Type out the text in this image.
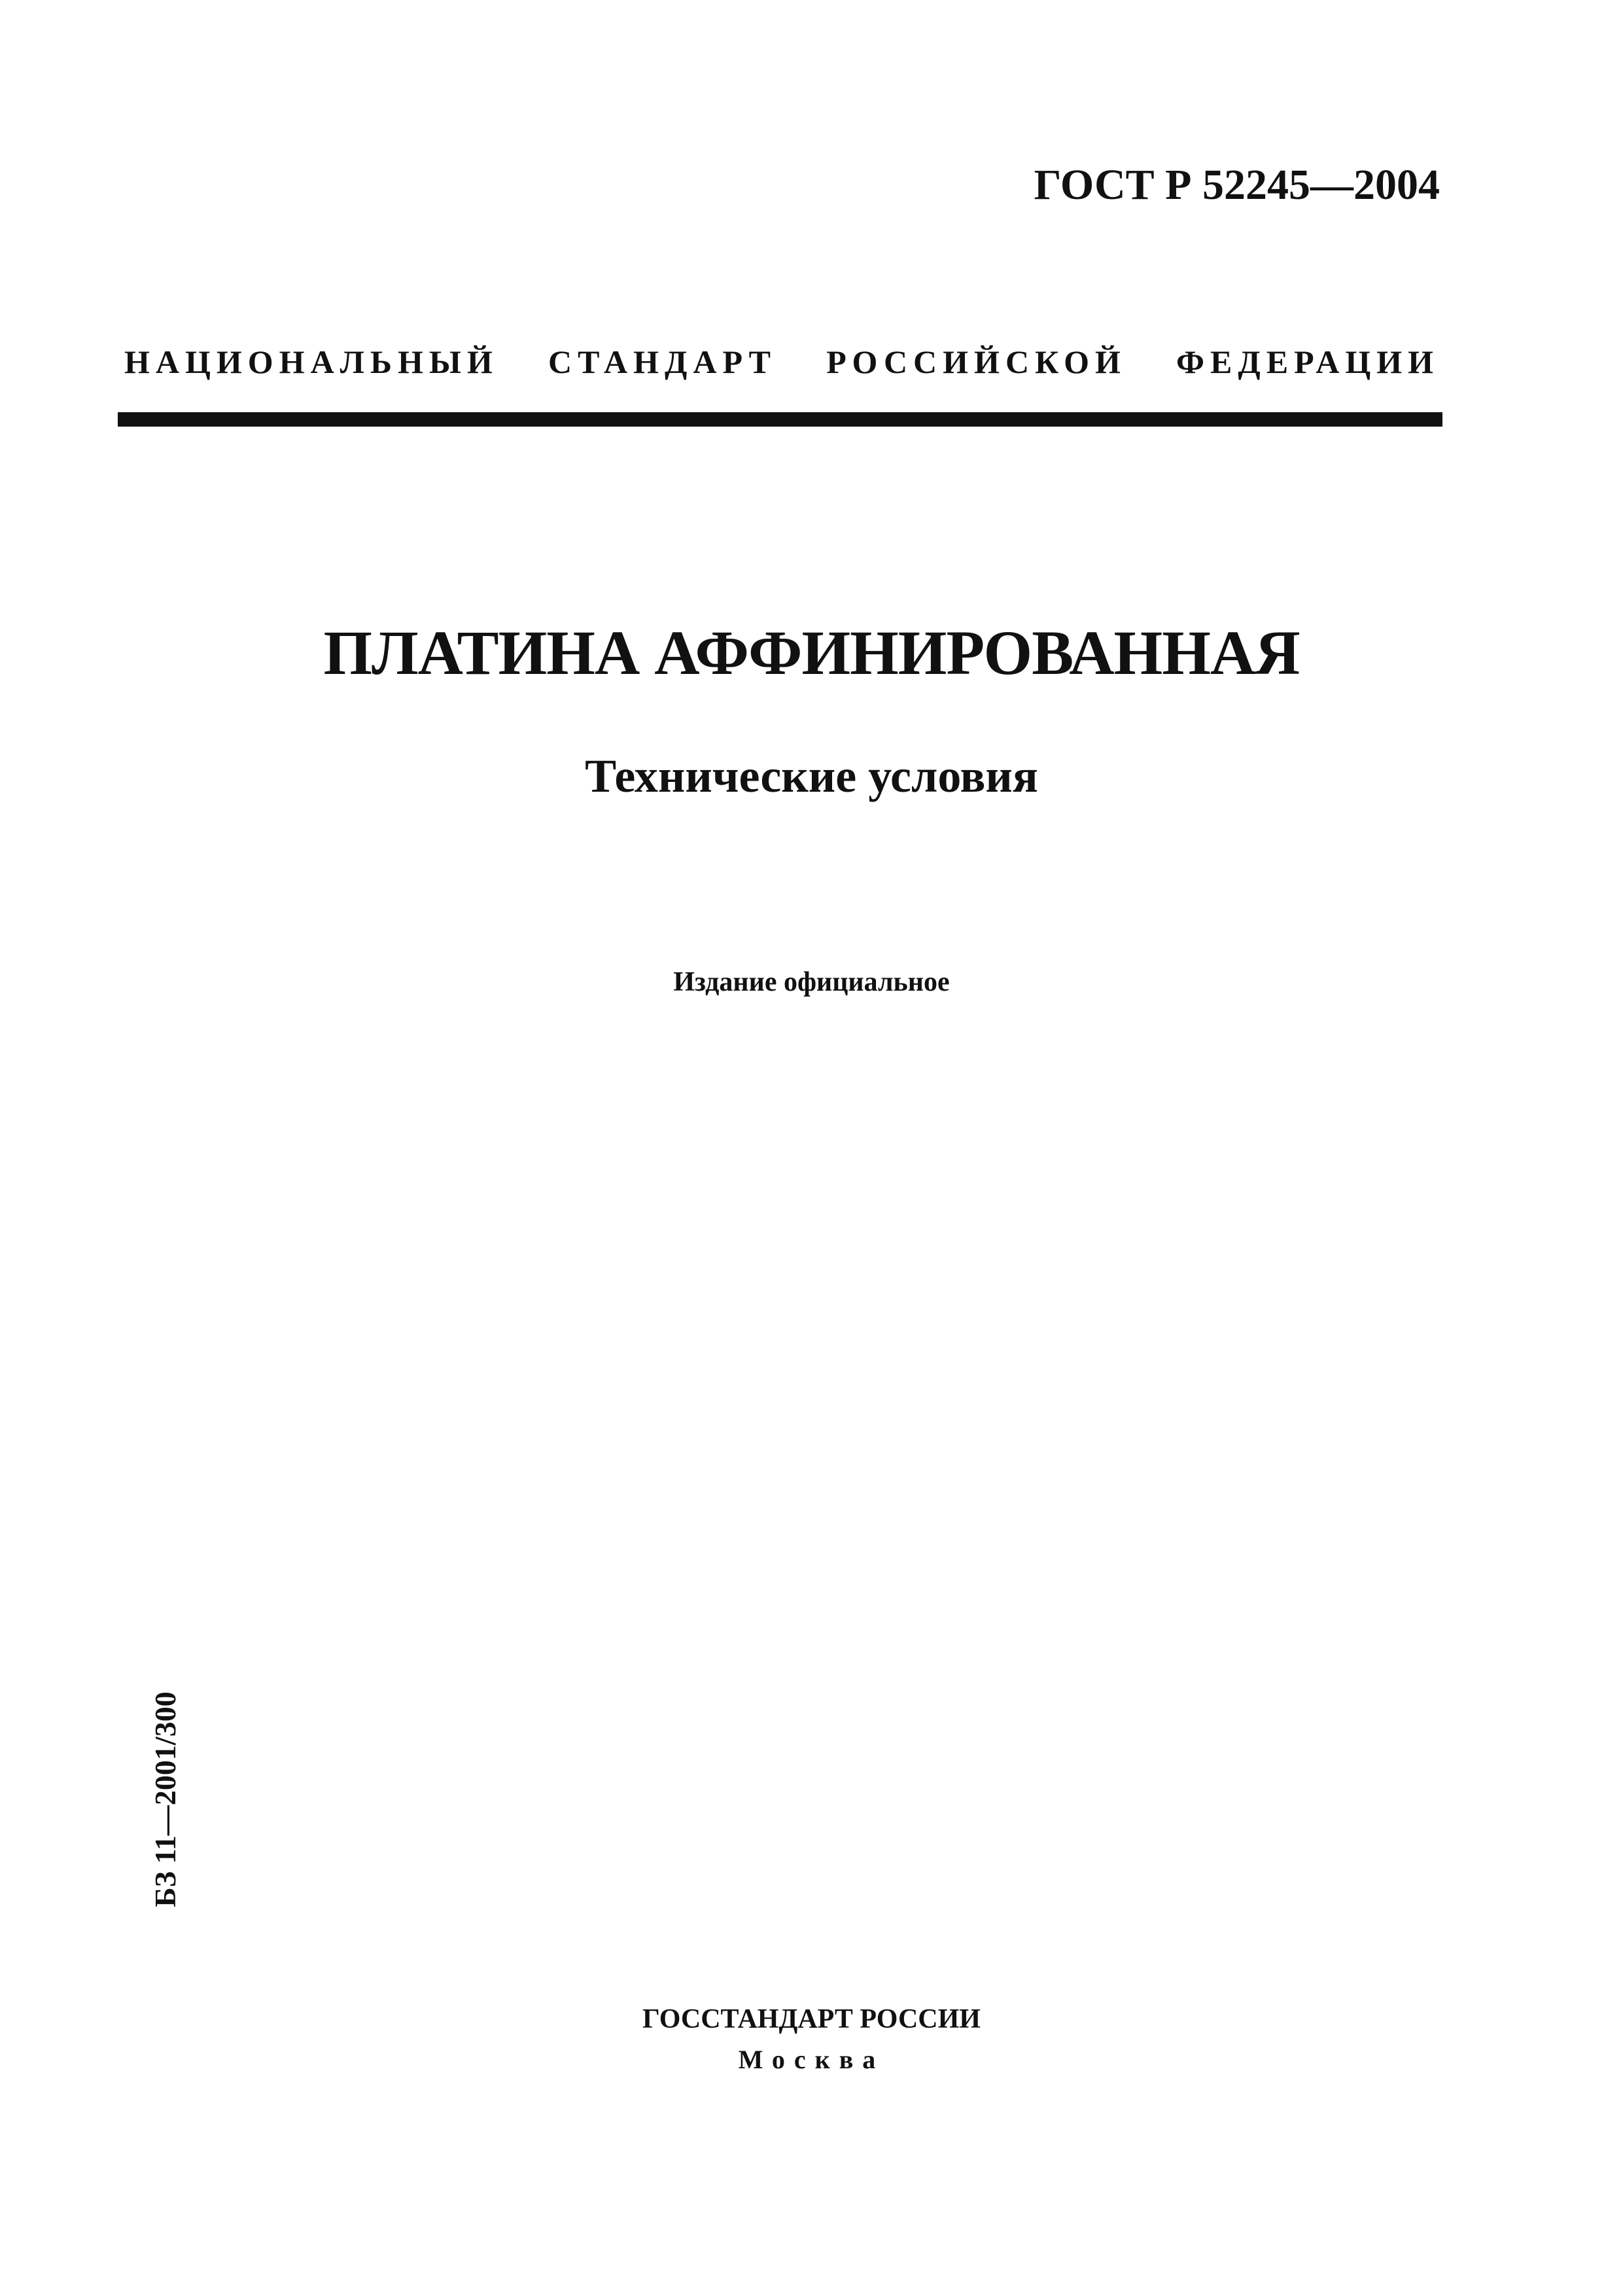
ГОСТ Р 52245—2004
НАЦИОНАЛЬНЫЙ СТАНДАРТ РОССИЙСКОЙ ФЕДЕРАЦИИ
ПЛАТИНА АФФИНИРОВАННАЯ
Технические условия
Издание официальное
БЗ 11—2001/300
ГОССТАНДАРТ РОССИИ
Москва
